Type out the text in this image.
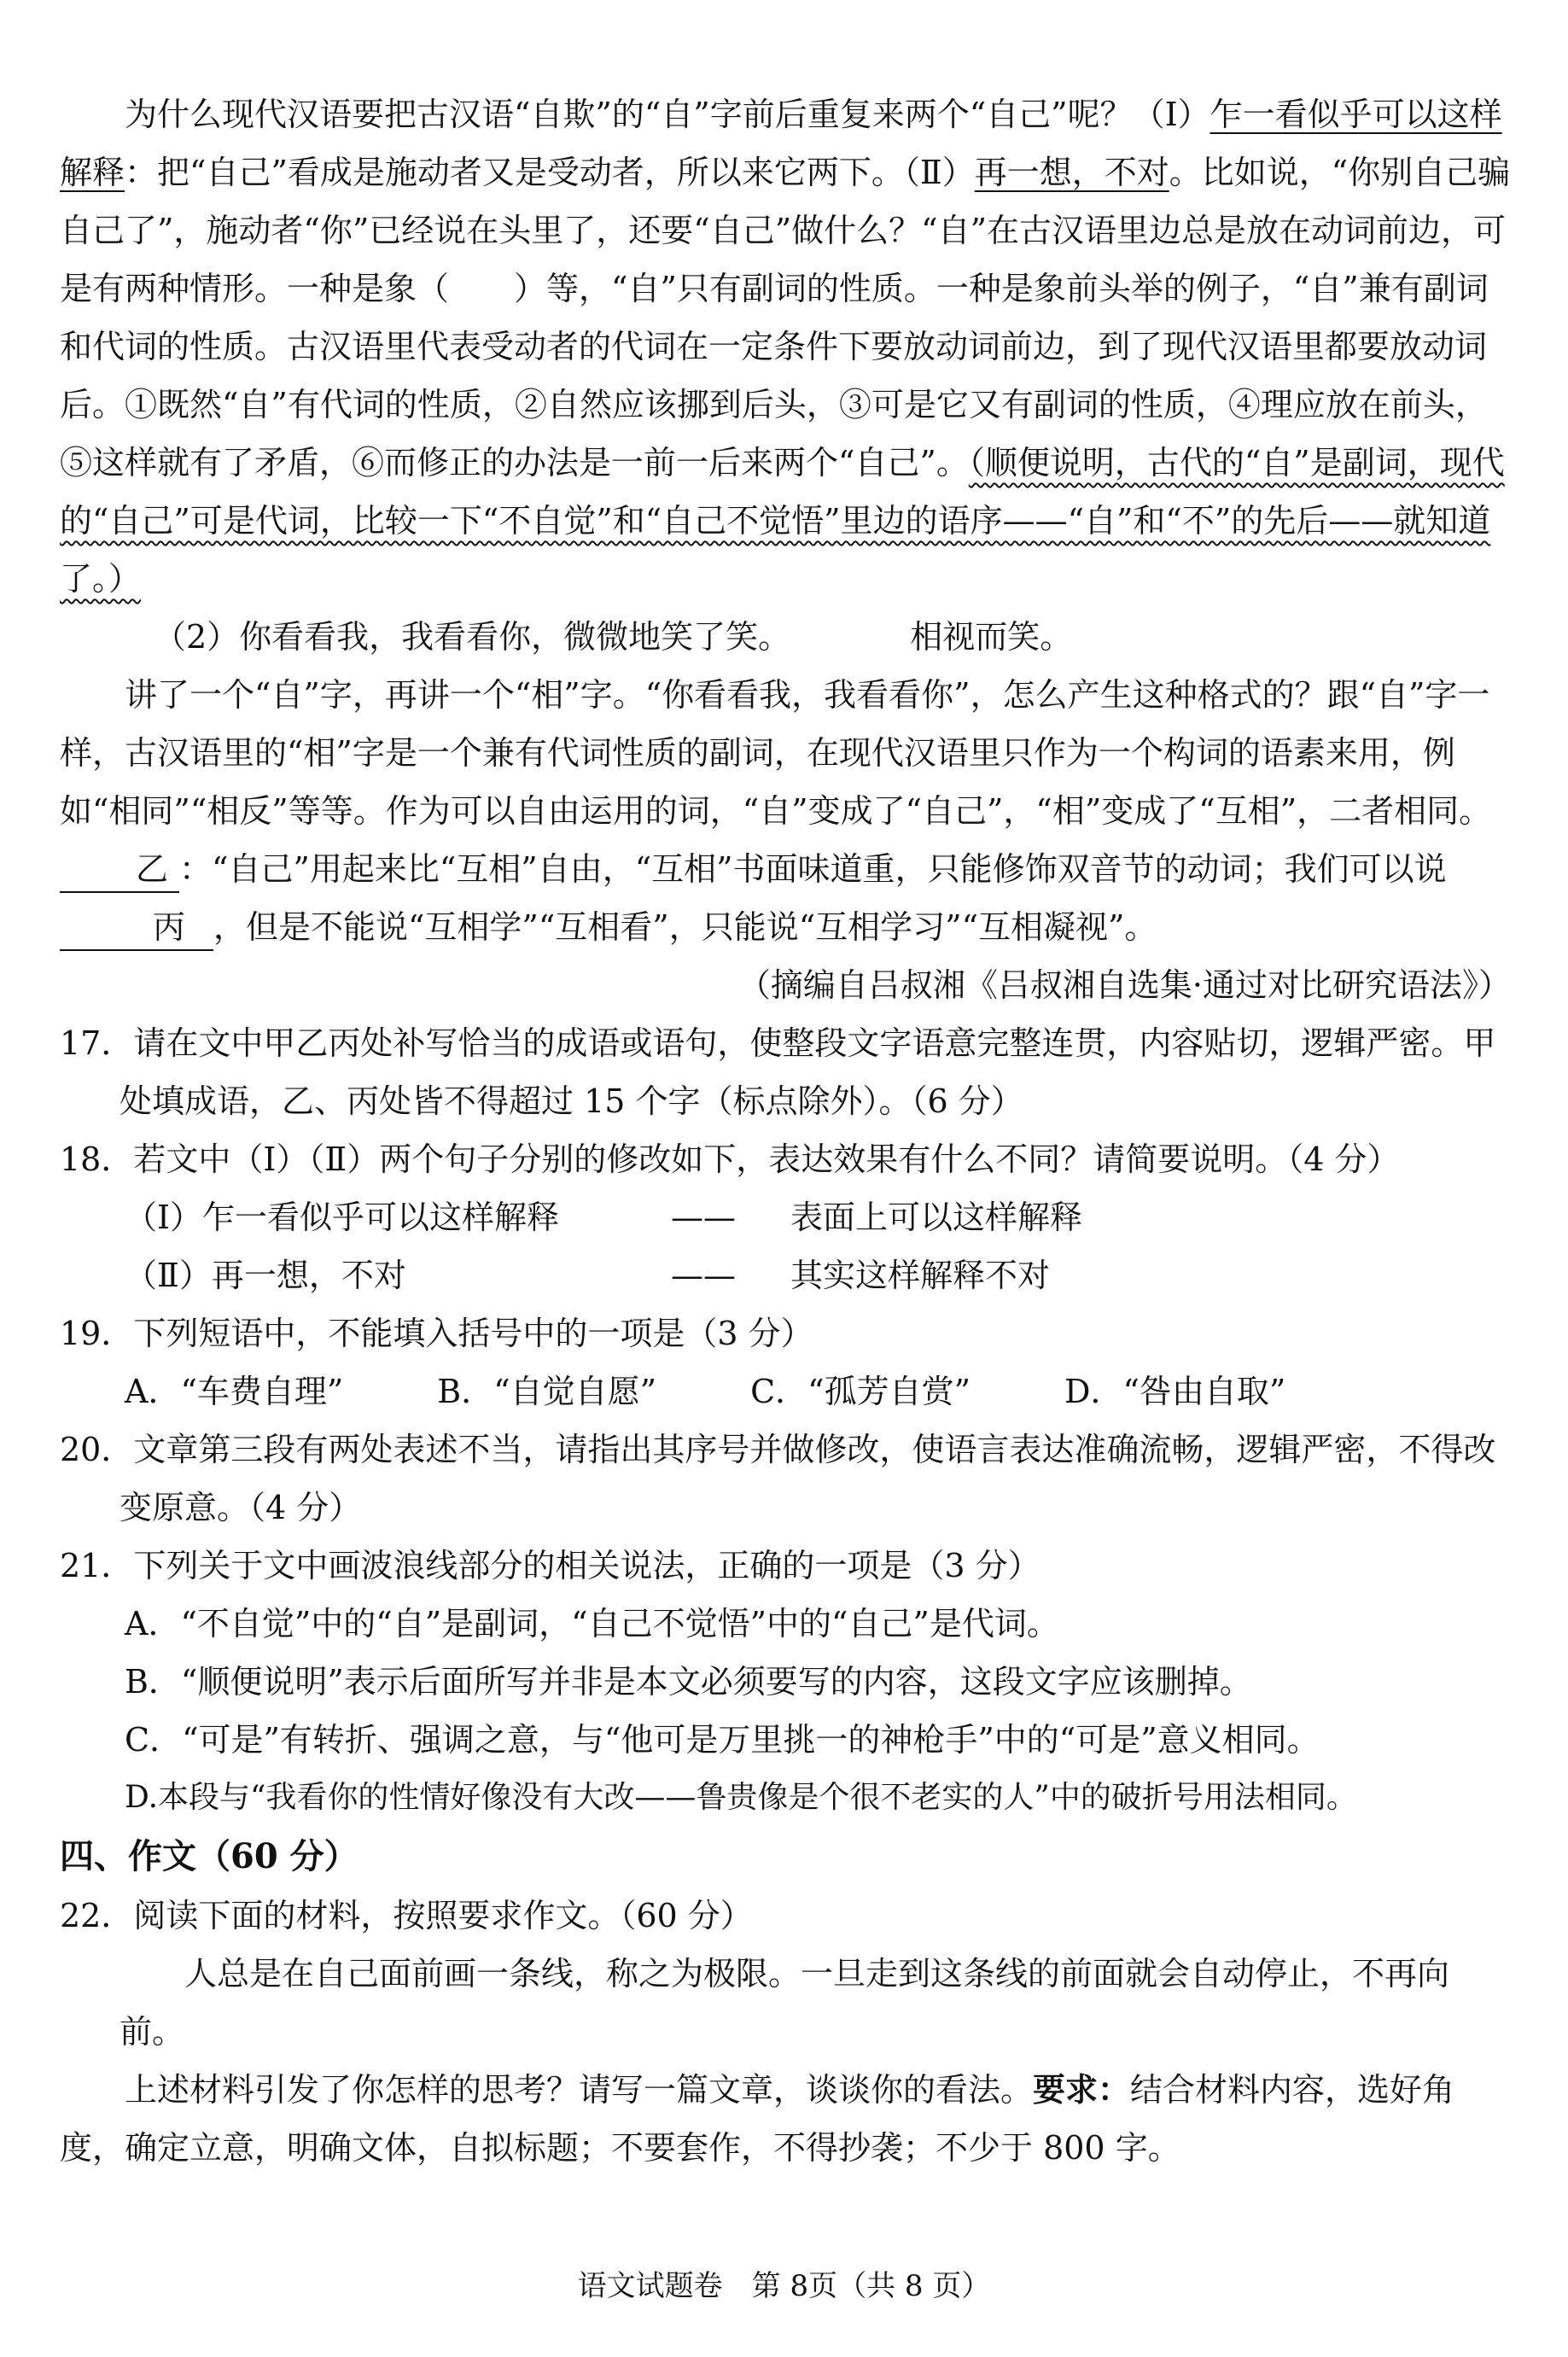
为什么现代汉语要把古汉语“自欺”的“自”字前后重复来两个“自己”呢？（Ⅰ）乍一看似乎可以这样解释：把“自己”看成是施动者又是受动者，所以来它两下。（Ⅱ）再一想，不对。比如说，“你别自己骗自己了”，施动者“你”已经说在头里了，还要“自己”做什么？“自”在古汉语里边总是放在动词前边，可是有两种情形。一种是象（　　）等，“自”只有副词的性质。一种是象前头举的例子，“自”兼有副词和代词的性质。古汉语里代表受动者的代词在一定条件下要放动词前边，到了现代汉语里都要放动词后。①既然“自”有代词的性质，②自然应该挪到后头，③可是它又有副词的性质，④理应放在前头，⑤这样就有了矛盾，⑥而修正的办法是一前一后来两个“自己”。（顺便说明，古代的“自”是副词，现代的“自己”可是代词，比较一下“不自觉”和“自己不觉悟”里边的语序——“自”和“不”的先后——就知道了。）

（2）你看看我，我看看你，微微地笑了笑。	相视而笑。

讲了一个“自”字，再讲一个“相”字。“你看看我，我看看你”，怎么产生这种格式的？跟“自”字一样，古汉语里的“相”字是一个兼有代词性质的副词，在现代汉语里只作为一个构词的语素来用，例如“相同”“相反”等等。作为可以自由运用的词，“自”变成了“自己”，“相”变成了“互相”，二者相同。乙 ：“自己”用起来比“互相”自由，“互相”书面味道重，只能修饰双音节的动词；我们可以说丙 ，但是不能说“互相学”“互相看”，只能说“互相学习”“互相凝视”。

（摘编自吕叔湘《吕叔湘自选集·通过对比研究语法》）

17．请在文中甲乙丙处补写恰当的成语或语句，使整段文字语意完整连贯，内容贴切，逻辑严密。甲处填成语，乙、丙处皆不得超过 15 个字（标点除外）。（6 分）

18．若文中（Ⅰ）（Ⅱ）两个句子分别的修改如下，表达效果有什么不同？请简要说明。（4 分）

（Ⅰ）乍一看似乎可以这样解释	——	表面上可以这样解释
（Ⅱ）再一想，不对	——	其实这样解释不对

19．下列短语中，不能填入括号中的一项是（3 分）

A．“车费自理”	B．“自觉自愿”	C．“孤芳自赏”	D．“咎由自取”

20．文章第三段有两处表述不当，请指出其序号并做修改，使语言表达准确流畅，逻辑严密，不得改变原意。（4 分）

21．下列关于文中画波浪线部分的相关说法，正确的一项是（3 分）

A．“不自觉”中的“自”是副词，“自己不觉悟”中的“自己”是代词。

B．“顺便说明”表示后面所写并非是本文必须要写的内容，这段文字应该删掉。

C．“可是”有转折、强调之意，与“他可是万里挑一的神枪手”中的“可是”意义相同。

D.本段与“我看你的性情好像没有大改——鲁贵像是个很不老实的人”中的破折号用法相同。

四、作文（60 分）

22．阅读下面的材料，按照要求作文。（60 分）

人总是在自己面前画一条线，称之为极限。一旦走到这条线的前面就会自动停止，不再向前。

上述材料引发了你怎样的思考？请写一篇文章，谈谈你的看法。要求：结合材料内容，选好角度，确定立意，明确文体，自拟标题；不要套作，不得抄袭；不少于 800 字。

语文试题卷　第 8页（共 8 页）
